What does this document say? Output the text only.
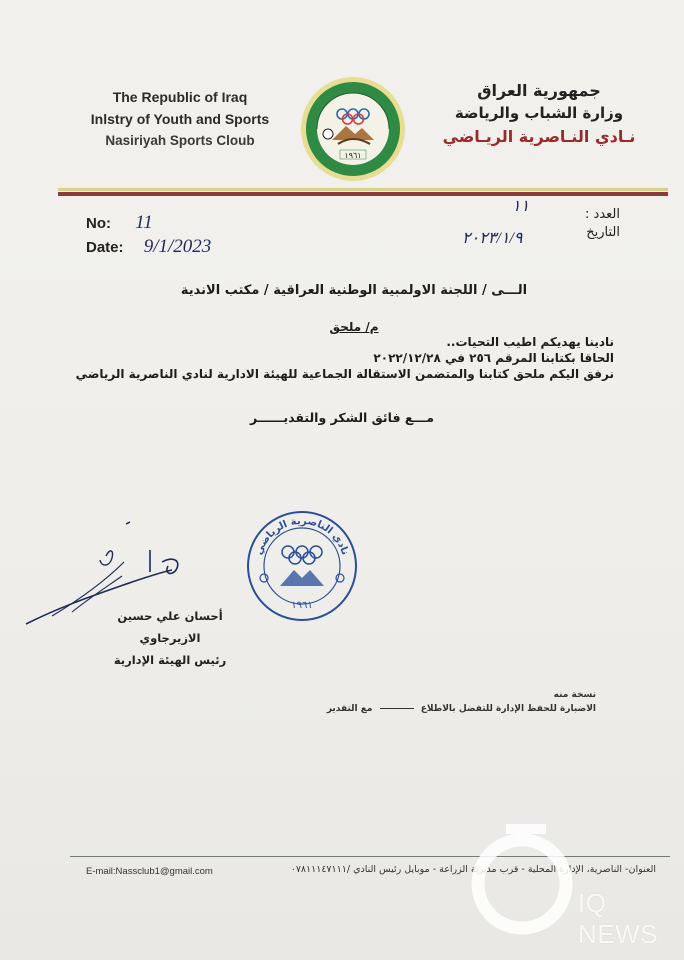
The Republic of Iraq
Inlstry of Youth and Sports
Nasiriyah Sports Cloub
١٩٦١
جمهورية العراق
وزارة الشباب والرياضة
نـادي النـاصرية الريـاضي
No: 11
Date: 9/1/2023
العدد :
التاريخ
١١
٢٠٢٣/١/٩
الـــى / اللجنة الاولمبية الوطنية العراقية / مكتب الاندية
م/ ملحق
نادينا يهديكم اطيب التحيات..
الحاقا بكتابنا المرقم ٢٥٦ في ٢٠٢٢/١٢/٢٨
نرفق اليكم ملحق كتابنا والمتضمن الاستقالة الجماعية للهيئة الادارية لنادي الناصرية الرياضي
مـــع فائق الشكر والتقديــــــر
أحسان علي حسين الازيرجاوي
رئيس الهيئة الإدارية
نادي الناصرية الرياضي
١٩٦١
نسخة منه
الاضبارة للحفظ الإدارة للتفضل بالاطلاع  مع التقدير
E-mail:Nassclub1@gmail.com	العنوان- الناصرية، الإدارة المحلية - قرب مديرية الزراعة - موبايل رئيس النادي /٠٧٨١١١٤٧١١١
IQ NEWS
